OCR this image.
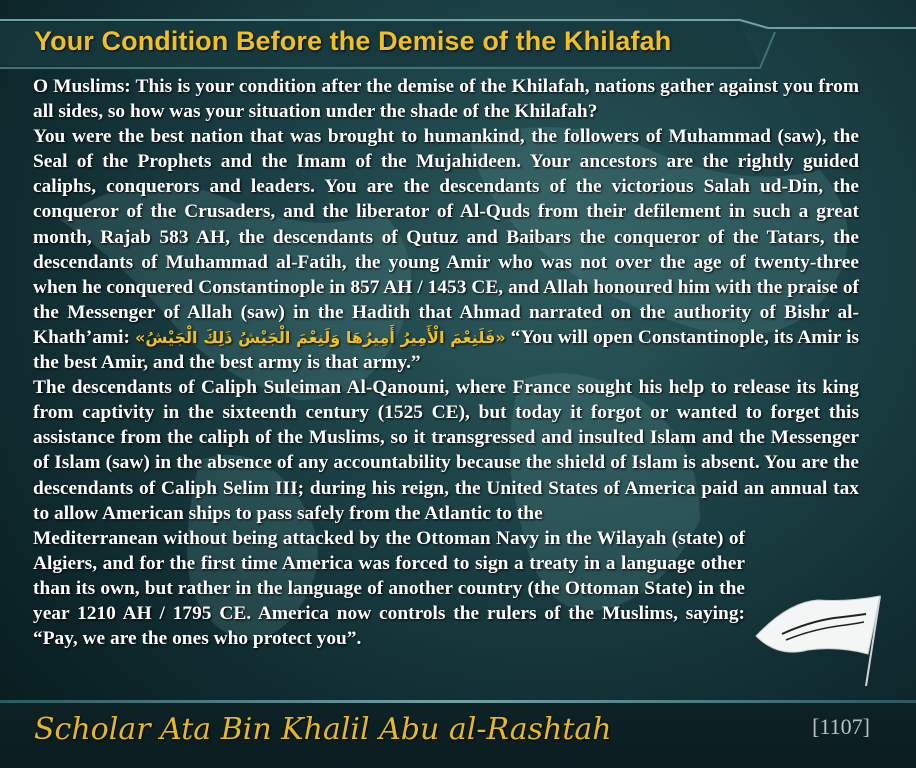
Your Condition Before the Demise of the Khilafah

O Muslims: This is your condition after the demise of the Khilafah, nations gather against you from all sides, so how was your situation under the shade of the Khilafah?

You were the best nation that was brought to humankind, the followers of Muhammad (saw), the Seal of the Prophets and the Imam of the Mujahideen. Your ancestors are the rightly guided caliphs, conquerors and leaders. You are the descendants of the victorious Salah ud-Din, the conqueror of the Crusaders, and the liberator of Al-Quds from their defilement in such a great month, Rajab 583 AH, the descendants of Qutuz and Baibars the conqueror of the Tatars, the descendants of Muhammad al-Fatih, the young Amir who was not over the age of twenty-three when he conquered Constantinople in 857 AH / 1453 CE, and Allah honoured him with the praise of the Messenger of Allah (saw) in the Hadith that Ahmad narrated on the authority of Bishr al-Khath’ami: «فَلَنِعْمَ الْأَمِيرُ أَمِيرُهَا وَلَنِعْمَ الْجَيْشُ ذَلِكَ الْجَيْشُ» “You will open Constantinople, its Amir is the best Amir, and the best army is that army.”

The descendants of Caliph Suleiman Al-Qanouni, where France sought his help to release its king from captivity in the sixteenth century (1525 CE), but today it forgot or wanted to forget this assistance from the caliph of the Muslims, so it transgressed and insulted Islam and the Messenger of Islam (saw) in the absence of any accountability because the shield of Islam is absent. You are the descendants of Caliph Selim III; during his reign, the United States of America paid an annual tax to allow American ships to pass safely from the Atlantic to the

Mediterranean without being attacked by the Ottoman Navy in the Wilayah (state) of Algiers, and for the first time America was forced to sign a treaty in a language other than its own, but rather in the language of another country (the Ottoman State) in the year 1210 AH / 1795 CE. America now controls the rulers of the Muslims, saying: “Pay, we are the ones who protect you”.

Scholar Ata Bin Khalil Abu al-Rashtah	[1107]
